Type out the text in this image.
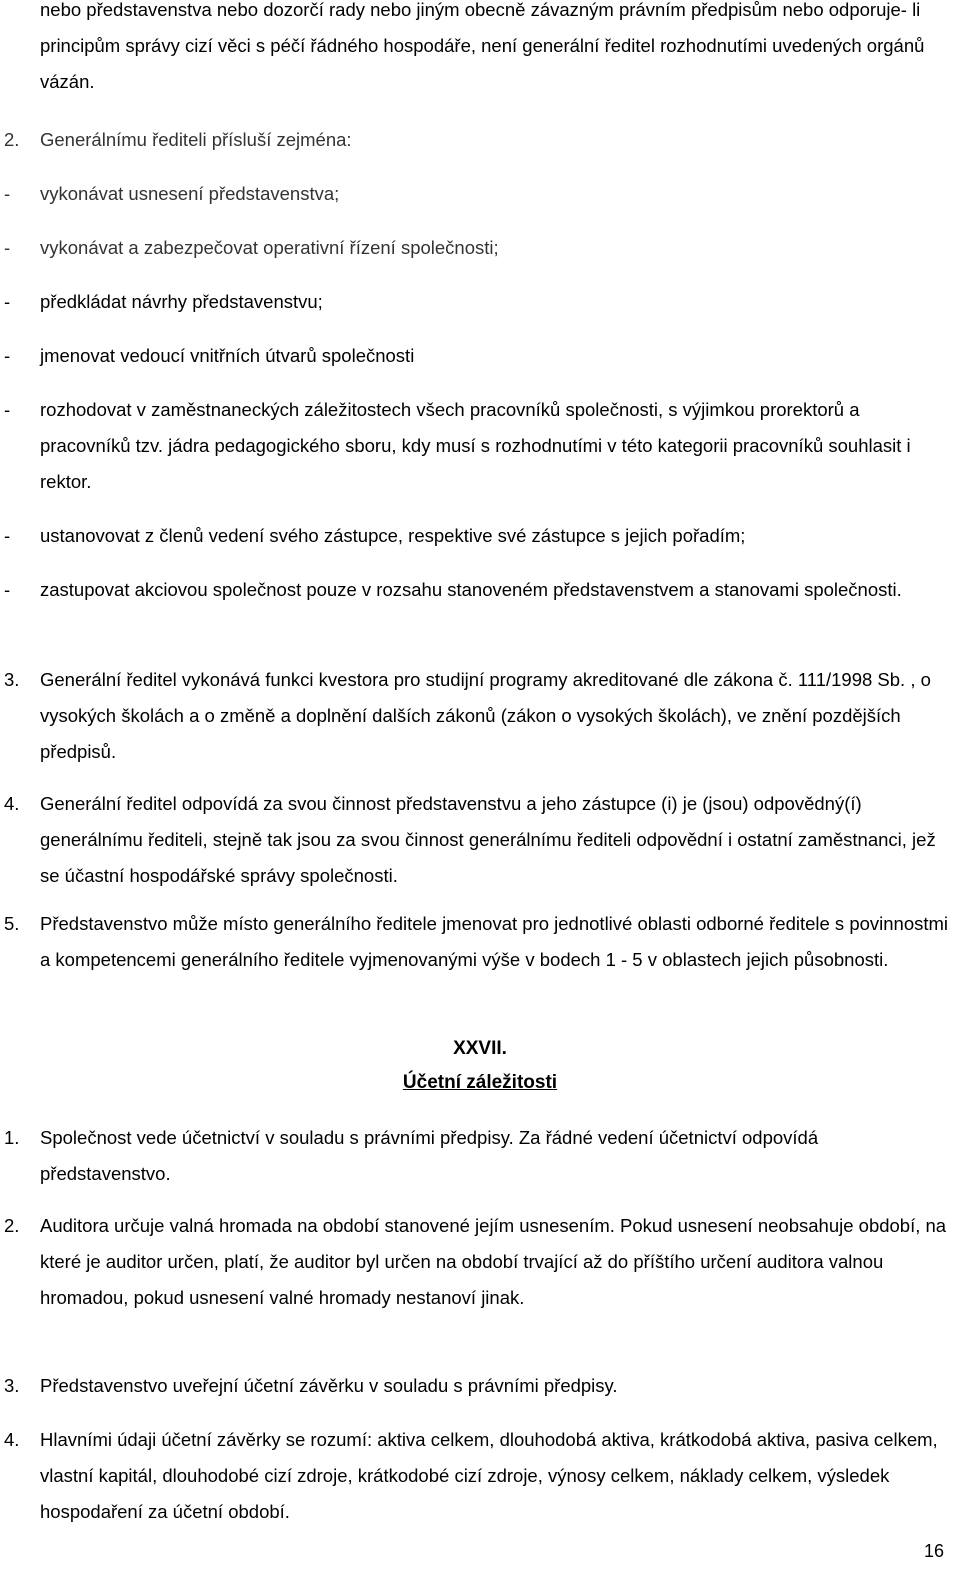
nebo představenstva nebo dozorčí rady nebo jiným obecně závazným právním předpisům nebo odporuje- li principům správy cizí věci s péčí řádného hospodáře, není generální ředitel rozhodnutími uvedených orgánů vázán.
2.	Generálnímu řediteli přísluší zejména:
-	vykonávat usnesení představenstva;
-	vykonávat a zabezpečovat operativní řízení společnosti;
-	předkládat návrhy představenstvu;
-	jmenovat vedoucí vnitřních útvarů společnosti
-	rozhodovat v zaměstnaneckých záležitostech všech pracovníků společnosti, s výjimkou prorektorů a pracovníků tzv. jádra pedagogického sboru, kdy musí s rozhodnutími v této kategorii pracovníků souhlasit i rektor.
-	ustanovovat z členů vedení svého zástupce, respektive své zástupce s jejich pořadím;
-	zastupovat akciovou společnost pouze v rozsahu stanoveném představenstvem a stanovami společnosti.
3.	Generální ředitel vykonává funkci kvestora pro studijní programy akreditované dle zákona č. 111/1998 Sb. , o vysokých školách a o změně a doplnění dalších zákonů (zákon o vysokých školách), ve znění pozdějších předpisů.
4.	Generální ředitel odpovídá za svou činnost představenstvu a jeho zástupce (i) je (jsou) odpovědný(í) generálnímu řediteli, stejně tak jsou za svou činnost generálnímu řediteli odpovědní i ostatní zaměstnanci, jež se účastní hospodářské správy společnosti.
5.	Představenstvo může místo generálního ředitele jmenovat pro jednotlivé oblasti odborné ředitele s povinnostmi a kompetencemi generálního ředitele vyjmenovanými výše v bodech 1 - 5 v oblastech jejich působnosti.
XXVII.
Účetní záležitosti
1.	Společnost vede účetnictví v souladu s právními předpisy. Za řádné vedení účetnictví odpovídá představenstvo.
2.	Auditora určuje valná hromada na období stanovené jejím usnesením. Pokud usnesení neobsahuje období, na které je auditor určen, platí, že auditor byl určen na období trvající až do příštího určení auditora valnou hromadou, pokud usnesení valné hromady nestanoví jinak.
3.	Představenstvo uveřejní účetní závěrku v souladu s právními předpisy.
4.	Hlavními údaji účetní závěrky se rozumí: aktiva celkem, dlouhodobá aktiva, krátkodobá aktiva, pasiva celkem, vlastní kapitál, dlouhodobé cizí zdroje, krátkodobé cizí zdroje, výnosy celkem, náklady celkem, výsledek hospodaření za účetní období.
16
